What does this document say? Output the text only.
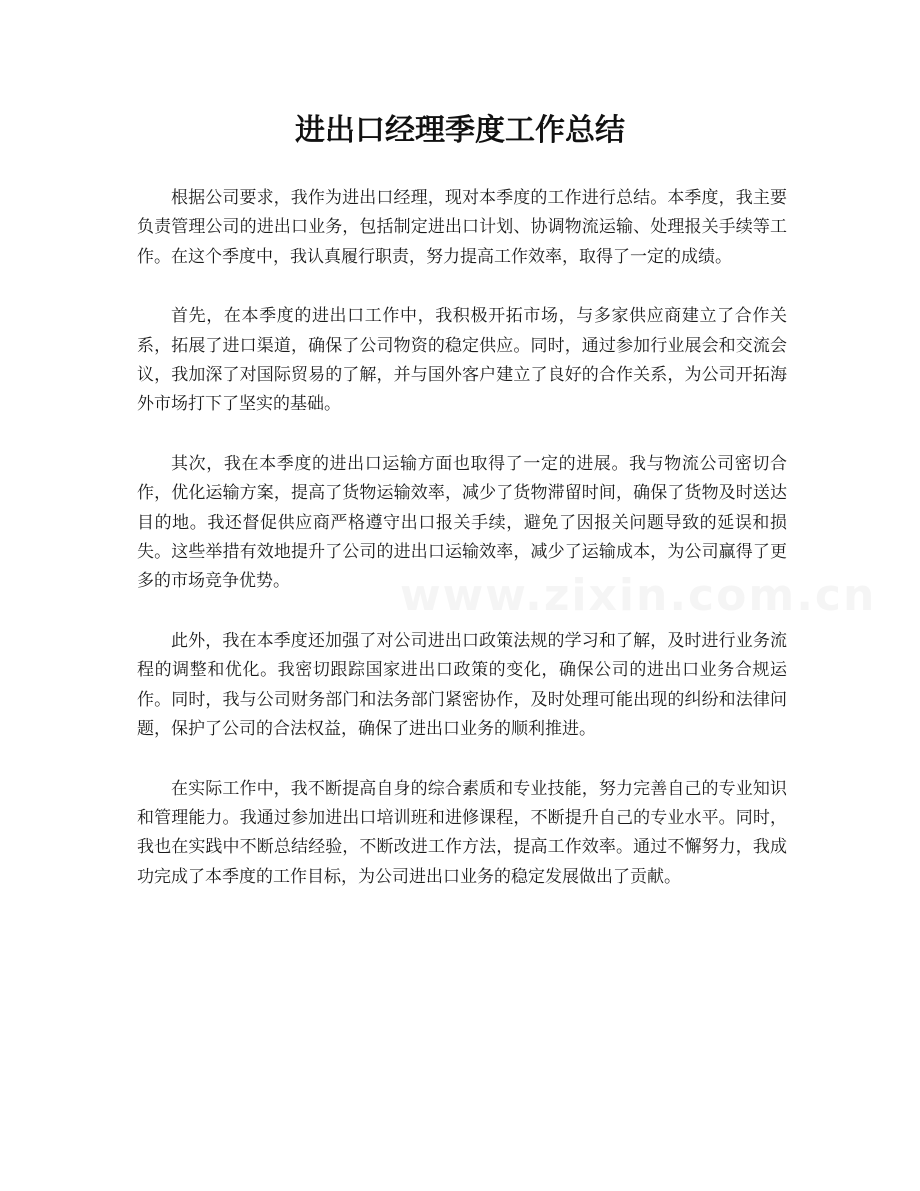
进出口经理季度工作总结

根据公司要求，我作为进出口经理，现对本季度的工作进行总结。本季度，我主要负责管理公司的进出口业务，包括制定进出口计划、协调物流运输、处理报关手续等工作。在这个季度中，我认真履行职责，努力提高工作效率，取得了一定的成绩。

首先，在本季度的进出口工作中，我积极开拓市场，与多家供应商建立了合作关系，拓展了进口渠道，确保了公司物资的稳定供应。同时，通过参加行业展会和交流会议，我加深了对国际贸易的了解，并与国外客户建立了良好的合作关系，为公司开拓海外市场打下了坚实的基础。

其次，我在本季度的进出口运输方面也取得了一定的进展。我与物流公司密切合作，优化运输方案，提高了货物运输效率，减少了货物滞留时间，确保了货物及时送达目的地。我还督促供应商严格遵守出口报关手续，避免了因报关问题导致的延误和损失。这些举措有效地提升了公司的进出口运输效率，减少了运输成本，为公司赢得了更多的市场竞争优势。

此外，我在本季度还加强了对公司进出口政策法规的学习和了解，及时进行业务流程的调整和优化。我密切跟踪国家进出口政策的变化，确保公司的进出口业务合规运作。同时，我与公司财务部门和法务部门紧密协作，及时处理可能出现的纠纷和法律问题，保护了公司的合法权益，确保了进出口业务的顺利推进。

在实际工作中，我不断提高自身的综合素质和专业技能，努力完善自己的专业知识和管理能力。我通过参加进出口培训班和进修课程，不断提升自己的专业水平。同时，我也在实践中不断总结经验，不断改进工作方法，提高工作效率。通过不懈努力，我成功完成了本季度的工作目标，为公司进出口业务的稳定发展做出了贡献。

www.zixin.com.cn
